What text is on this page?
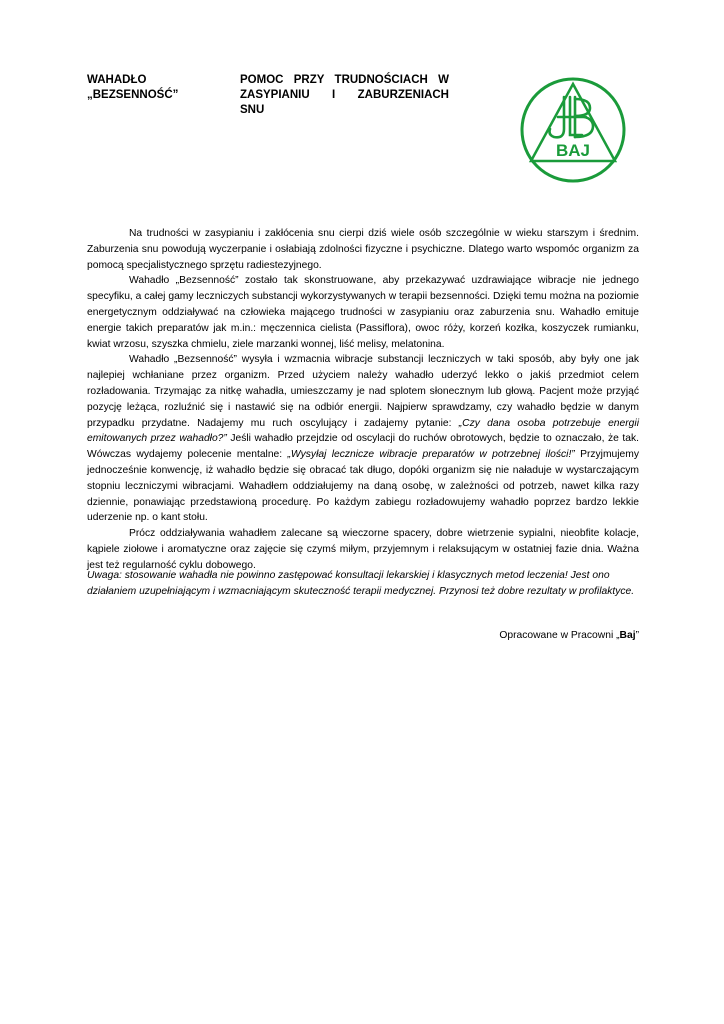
WAHADŁO
„BEZSENNOŚĆ”
POMOC PRZY TRUDNOŚCIACH W
ZASYPIANIU I ZABURZENIACH
SNU
BAJ

Na trudności w zasypianiu i zakłócenia snu cierpi dziś wiele osób szczególnie w wieku starszym i średnim. Zaburzenia snu powodują wyczerpanie i osłabiają zdolności fizyczne i psychiczne. Dlatego warto wspomóc organizm za pomocą specjalistycznego sprzętu radiestezyjnego.

Wahadło „Bezsenność” zostało tak skonstruowane, aby przekazywać uzdrawiające wibracje nie jednego specyfiku, a całej gamy leczniczych substancji wykorzystywanych w terapii bezsenności. Dzięki temu można na poziomie energetycznym oddziaływać na człowieka mającego trudności w zasypianiu oraz zaburzenia snu. Wahadło emituje energie takich preparatów jak m.in.: męczennica cielista (Passiflora), owoc róży, korzeń kozłka, koszyczek rumianku, kwiat wrzosu, szyszka chmielu, ziele marzanki wonnej, liść melisy, melatonina.

Wahadło „Bezsenność” wysyła i wzmacnia wibracje substancji leczniczych w taki sposób, aby były one jak najlepiej wchłaniane przez organizm. Przed użyciem należy wahadło uderzyć lekko o jakiś przedmiot celem rozładowania. Trzymając za nitkę wahadła, umieszczamy je nad splotem słonecznym lub głową. Pacjent może przyjąć pozycję leżąca, rozluźnić się i nastawić się na odbiór energii. Najpierw sprawdzamy, czy wahadło będzie w danym przypadku przydatne. Nadajemy mu ruch oscylujący i zadajemy pytanie: „Czy dana osoba potrzebuje energii emitowanych przez wahadło?” Jeśli wahadło przejdzie od oscylacji do ruchów obrotowych, będzie to oznaczało, że tak. Wówczas wydajemy polecenie mentalne: „Wysyłaj lecznicze wibracje preparatów w potrzebnej ilości!” Przyjmujemy jednocześnie konwencję, iż wahadło będzie się obracać tak długo, dopóki organizm się nie naładuje w wystarczającym stopniu leczniczymi wibracjami. Wahadłem oddziałujemy na daną osobę, w zależności od potrzeb, nawet kilka razy dziennie, ponawiając przedstawioną procedurę. Po każdym zabiegu rozładowujemy wahadło poprzez bardzo lekkie uderzenie np. o kant stołu.

Prócz oddziaływania wahadłem zalecane są wieczorne spacery, dobre wietrzenie sypialni, nieobfite kolacje, kąpiele ziołowe i aromatyczne oraz zajęcie się czymś miłym, przyjemnym i relaksującym w ostatniej fazie dnia. Ważna jest też regularność cyklu dobowego.

Uwaga: stosowanie wahadła nie powinno zastępować konsultacji lekarskiej i klasycznych metod leczenia! Jest ono działaniem uzupełniającym i wzmacniającym skuteczność terapii medycznej. Przynosi też dobre rezultaty w profilaktyce.
Opracowane w Pracowni „Baj”
